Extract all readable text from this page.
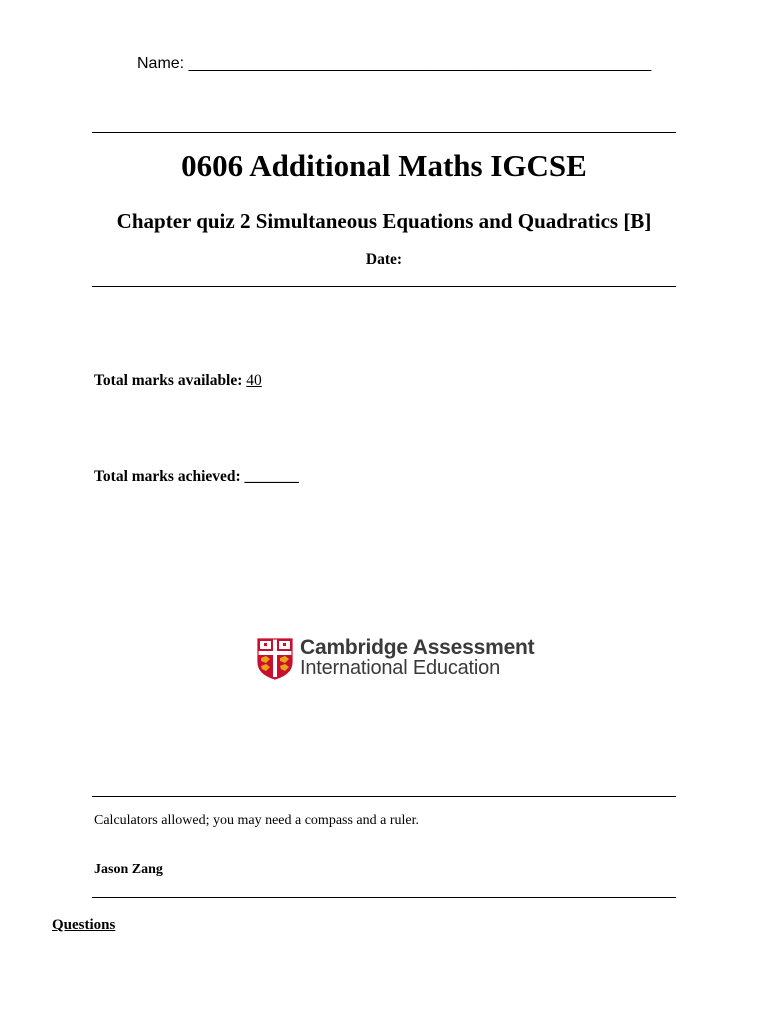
Name: ____________________________________________________
0606 Additional Maths IGCSE
Chapter quiz 2 Simultaneous Equations and Quadratics [B]
Date:
Total marks available: 40
Total marks achieved: _______
Cambridge Assessment
International Education
Calculators allowed; you may need a compass and a ruler.
Jason Zang
Questions
